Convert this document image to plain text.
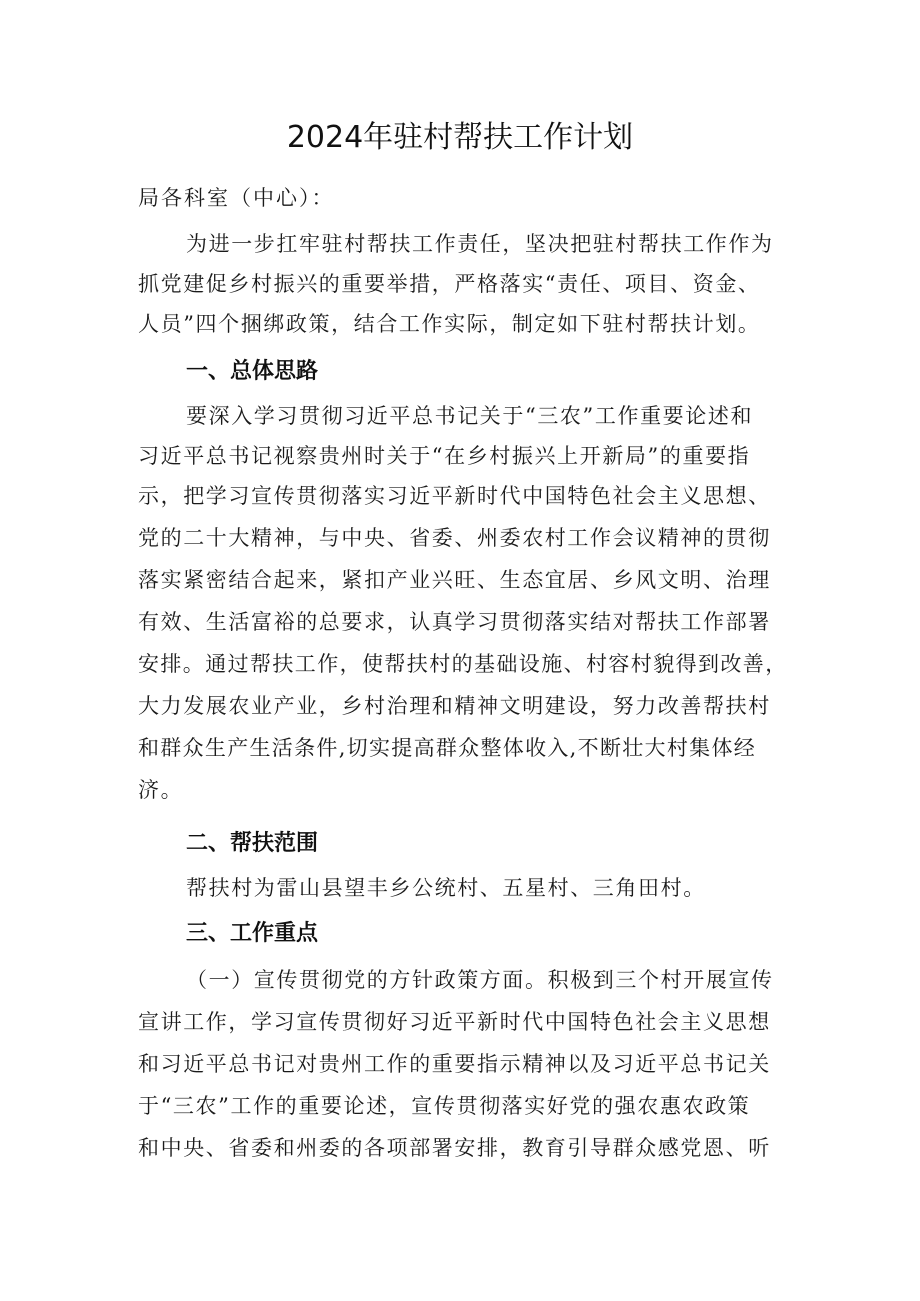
2024年驻村帮扶工作计划
局各科室（中心）：
为进一步扛牢驻村帮扶工作责任，坚决把驻村帮扶工作作为
抓党建促乡村振兴的重要举措，严格落实“责任、项目、资金、
人员”四个捆绑政策，结合工作实际，制定如下驻村帮扶计划。
一、总体思路
要深入学习贯彻习近平总书记关于“三农”工作重要论述和
习近平总书记视察贵州时关于“在乡村振兴上开新局”的重要指
示，把学习宣传贯彻落实习近平新时代中国特色社会主义思想、
党的二十大精神，与中央、省委、州委农村工作会议精神的贯彻
落实紧密结合起来，紧扣产业兴旺、生态宜居、乡风文明、治理
有效、生活富裕的总要求，认真学习贯彻落实结对帮扶工作部署
安排。通过帮扶工作，使帮扶村的基础设施、村容村貌得到改善，
大力发展农业产业，乡村治理和精神文明建设，努力改善帮扶村
和群众生产生活条件,切实提高群众整体收入,不断壮大村集体经
济。
二、帮扶范围
帮扶村为雷山县望丰乡公统村、五星村、三角田村。
三、工作重点
（一）宣传贯彻党的方针政策方面。积极到三个村开展宣传
宣讲工作，学习宣传贯彻好习近平新时代中国特色社会主义思想
和习近平总书记对贵州工作的重要指示精神以及习近平总书记关
于“三农”工作的重要论述，宣传贯彻落实好党的强农惠农政策
和中央、省委和州委的各项部署安排，教育引导群众感党恩、听
